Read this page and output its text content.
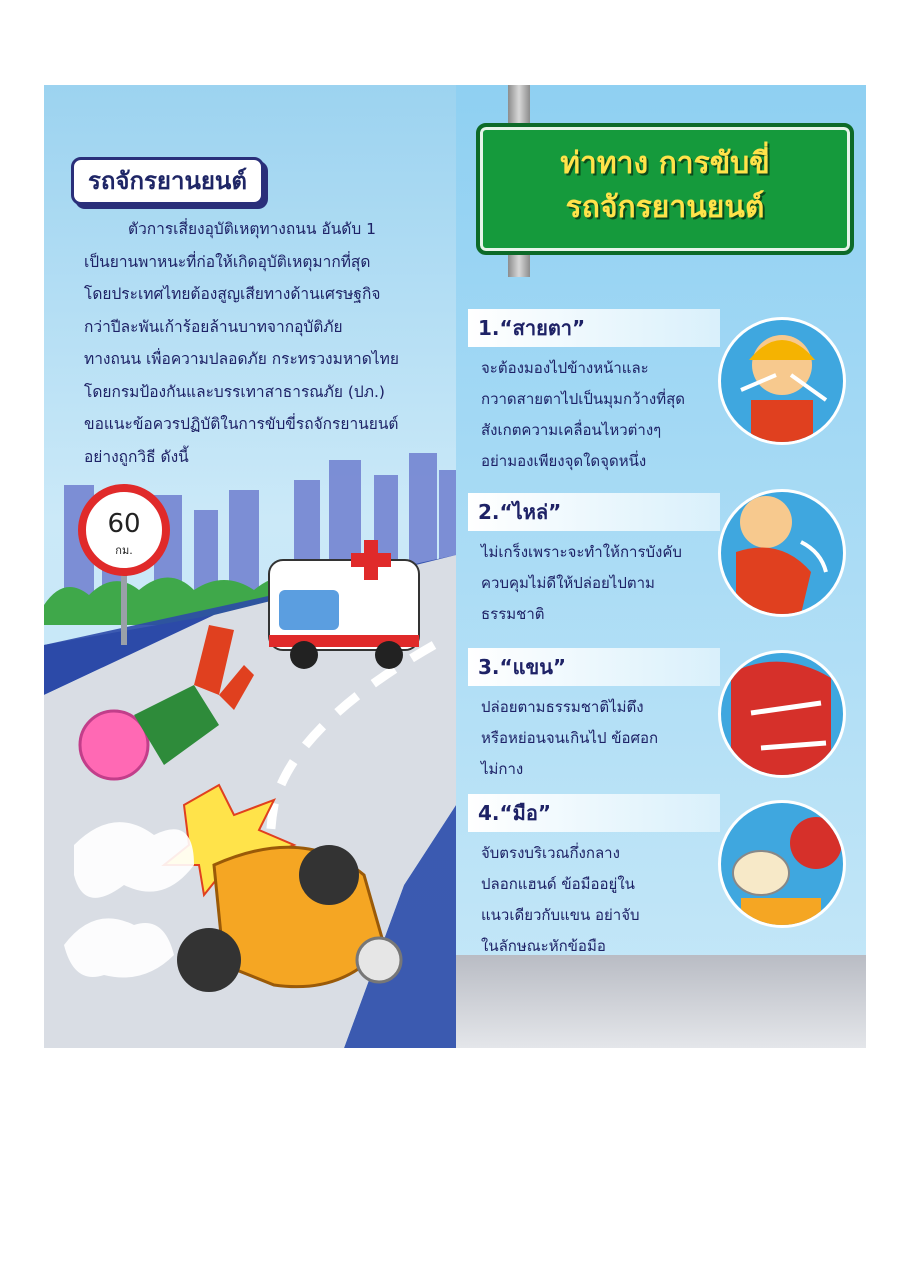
รถจักรยานยนต์
ตัวการเสี่ยงอุบัติเหตุทางถนน อันดับ 1
เป็นยานพาหนะที่ก่อให้เกิดอุบัติเหตุมากที่สุด
โดยประเทศไทยต้องสูญเสียทางด้านเศรษฐกิจ
กว่าปีละพันเก้าร้อยล้านบาทจากอุบัติภัย
ทางถนน เพื่อความปลอดภัย กระทรวงมหาดไทย
โดยกรมป้องกันและบรรเทาสาธารณภัย (ปภ.)
ขอแนะข้อควรปฏิบัติในการขับขี่รถจักรยานยนต์
อย่างถูกวิธี ดังนี้
60
กม.
ท่าทาง การขับขี่
รถจักรยานยนต์
1.“สายตา”
จะต้องมองไปข้างหน้าและ
กวาดสายตาไปเป็นมุมกว้างที่สุด
สังเกตความเคลื่อนไหวต่างๆ
อย่ามองเพียงจุดใดจุดหนึ่ง
2.“ไหล่”
ไม่เกร็งเพราะจะทำให้การบังคับ
ควบคุมไม่ดีให้ปล่อยไปตาม
ธรรมชาติ
3.“แขน”
ปล่อยตามธรรมชาติไม่ตึง
หรือหย่อนจนเกินไป ข้อศอก
ไม่กาง
4.“มือ”
จับตรงบริเวณกึ่งกลาง
ปลอกแฮนด์ ข้อมืออยู่ใน
แนวเดียวกับแขน อย่าจับ
ในลักษณะหักข้อมือ
